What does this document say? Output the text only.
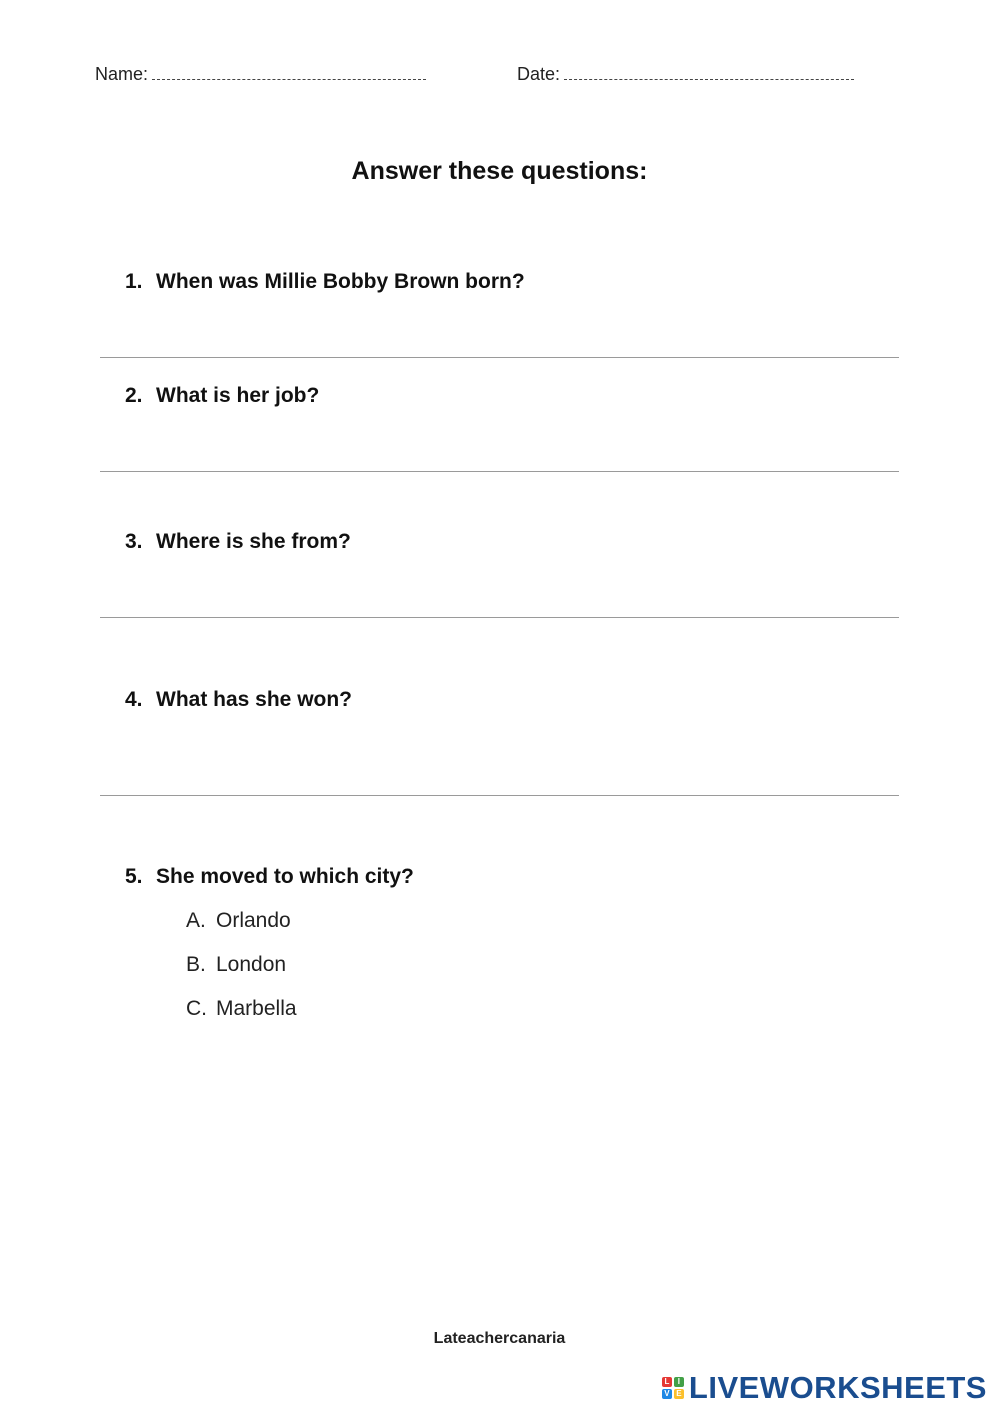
Name:	Date:
Answer these questions:
1. When was Millie Bobby Brown born?
2. What is her job?
3. Where is she from?
4. What has she won?
5. She moved to which city?
A. Orlando
B. London
C. Marbella
Lateachercanaria
L	I
V E LIVEWORKSHEETS
